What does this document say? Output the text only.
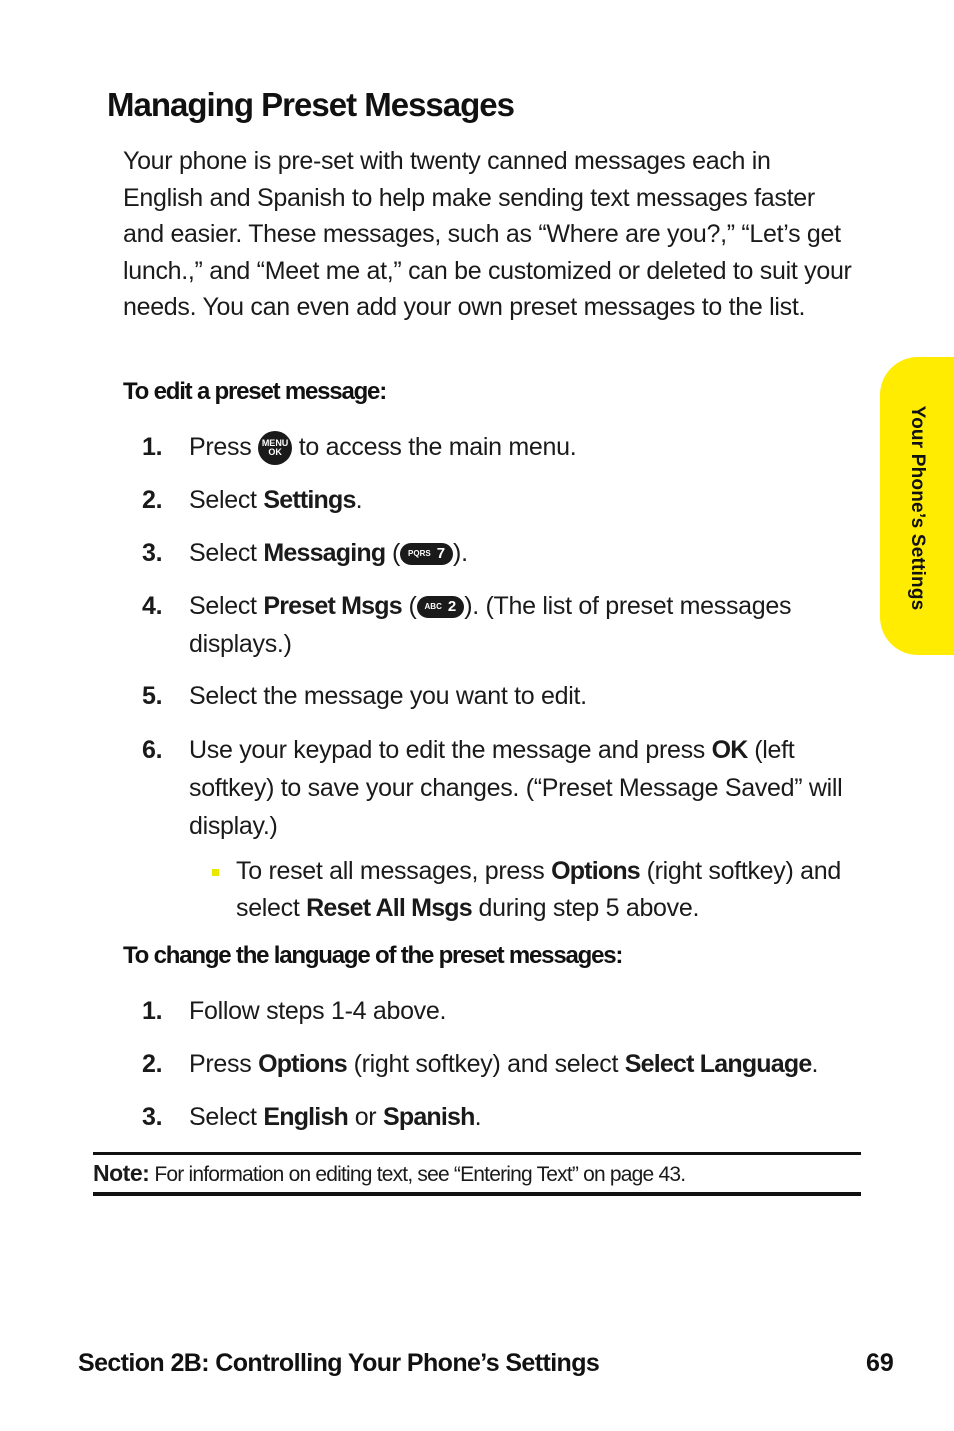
Managing Preset Messages

Your phone is pre-set with twenty canned messages each in English and Spanish to help make sending text messages faster and easier. These messages, such as “Where are you?,” “Let’s get lunch.,” and “Meet me at,” can be customized or deleted to suit your needs. You can even add your own preset messages to the list.

To edit a preset message:
1. Press MENU
OK to access the main menu.
2. Select Settings.
3. Select Messaging ( PQRS 7 ).
4. Select Preset Msgs ( ABC 2 ). (The list of preset messages displays.)
5. Select the message you want to edit.
6. Use your keypad to edit the message and press OK (left softkey) to save your changes. (“Preset Message Saved” will display.)
To reset all messages, press Options (right softkey) and select Reset All Msgs during step 5 above.
To change the language of the preset messages:
1. Follow steps 1-4 above.
2. Press Options (right softkey) and select Select Language.
3. Select English or Spanish.
Note: For information on editing text, see “Entering Text” on page 43.
Your Phone’s Settings
Section 2B: Controlling Your Phone’s Settings	69
